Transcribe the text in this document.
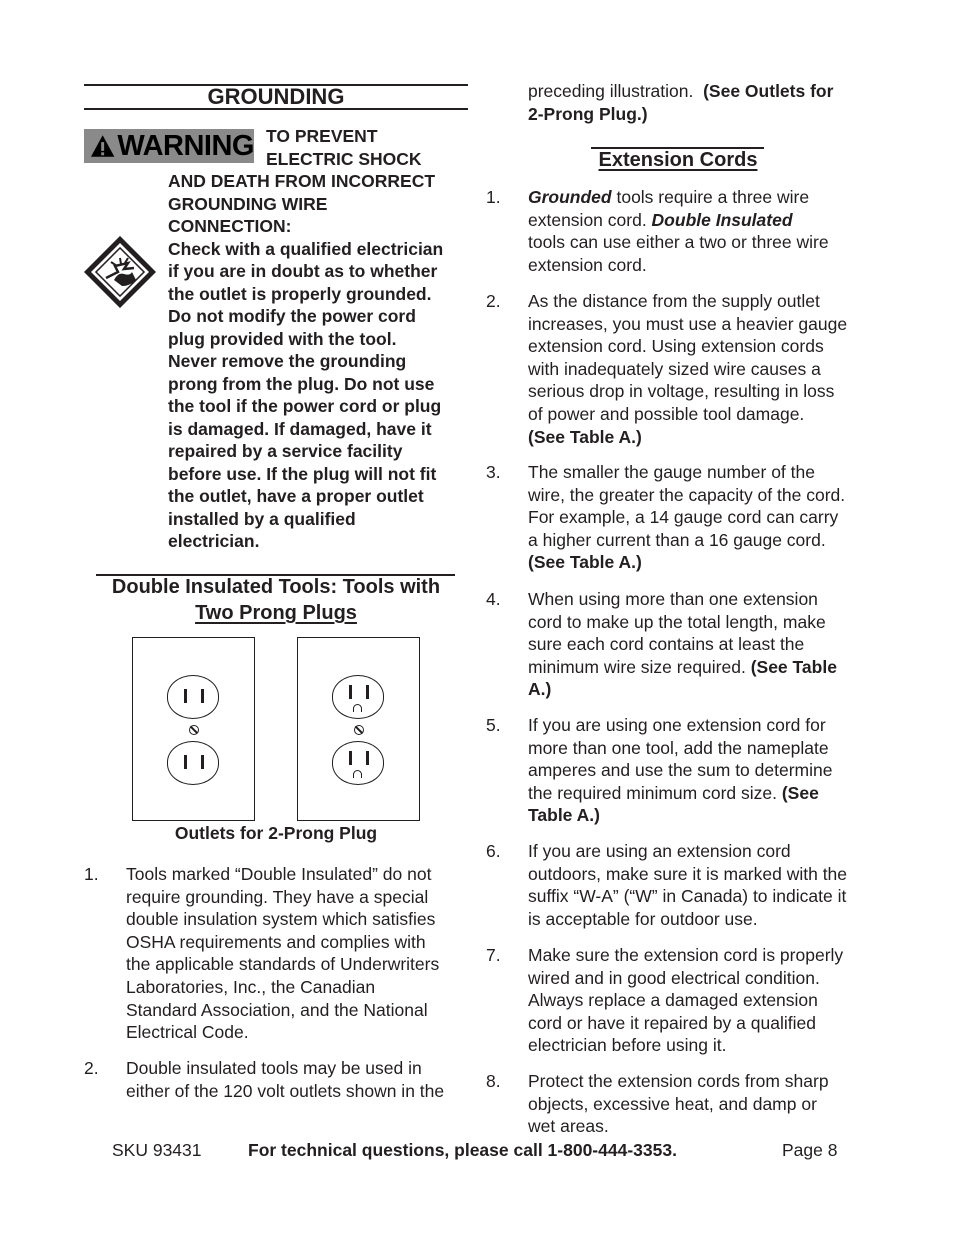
GROUNDING
WARNING TO PREVENT
ELECTRIC SHOCK
AND DEATH FROM INCORRECT
GROUNDING WIRE
CONNECTION:
Check with a qualified electrician
if you are in doubt as to whether
the outlet is properly grounded.
Do not modify the power cord
plug provided with the tool.
Never remove the grounding
prong from the plug. Do not use
the tool if the power cord or plug
is damaged. If damaged, have it
repaired by a service facility
before use. If the plug will not fit
the outlet, have a proper outlet
installed by a qualified
electrician.
Double Insulated Tools: Tools with
Two Prong Plugs
Outlets for 2-Prong Plug
1. Tools marked “Double Insulated” do not
require grounding. They have a special
double insulation system which satisfies
OSHA requirements and complies with
the applicable standards of Underwriters
Laboratories, Inc., the Canadian
Standard Association, and the National
Electrical Code.
2. Double insulated tools may be used in
either of the 120 volt outlets shown in the
preceding illustration. (See Outlets for
2-Prong Plug.)
Extension Cords
1. Grounded tools require a three wire
extension cord. Double Insulated
tools can use either a two or three wire
extension cord.
2. As the distance from the supply outlet
increases, you must use a heavier gauge
extension cord. Using extension cords
with inadequately sized wire causes a
serious drop in voltage, resulting in loss
of power and possible tool damage.
(See Table A.)
3. The smaller the gauge number of the
wire, the greater the capacity of the cord.
For example, a 14 gauge cord can carry
a higher current than a 16 gauge cord.
(See Table A.)
4. When using more than one extension
cord to make up the total length, make
sure each cord contains at least the
minimum wire size required. (See Table
A.)
5. If you are using one extension cord for
more than one tool, add the nameplate
amperes and use the sum to determine
the required minimum cord size. (See
Table A.)
6. If you are using an extension cord
outdoors, make sure it is marked with the
suffix “W-A” (“W” in Canada) to indicate it
is acceptable for outdoor use.
7. Make sure the extension cord is properly
wired and in good electrical condition.
Always replace a damaged extension
cord or have it repaired by a qualified
electrician before using it.
8. Protect the extension cords from sharp
objects, excessive heat, and damp or
wet areas.
SKU 93431	For technical questions, please call 1-800-444-3353.	Page 8
